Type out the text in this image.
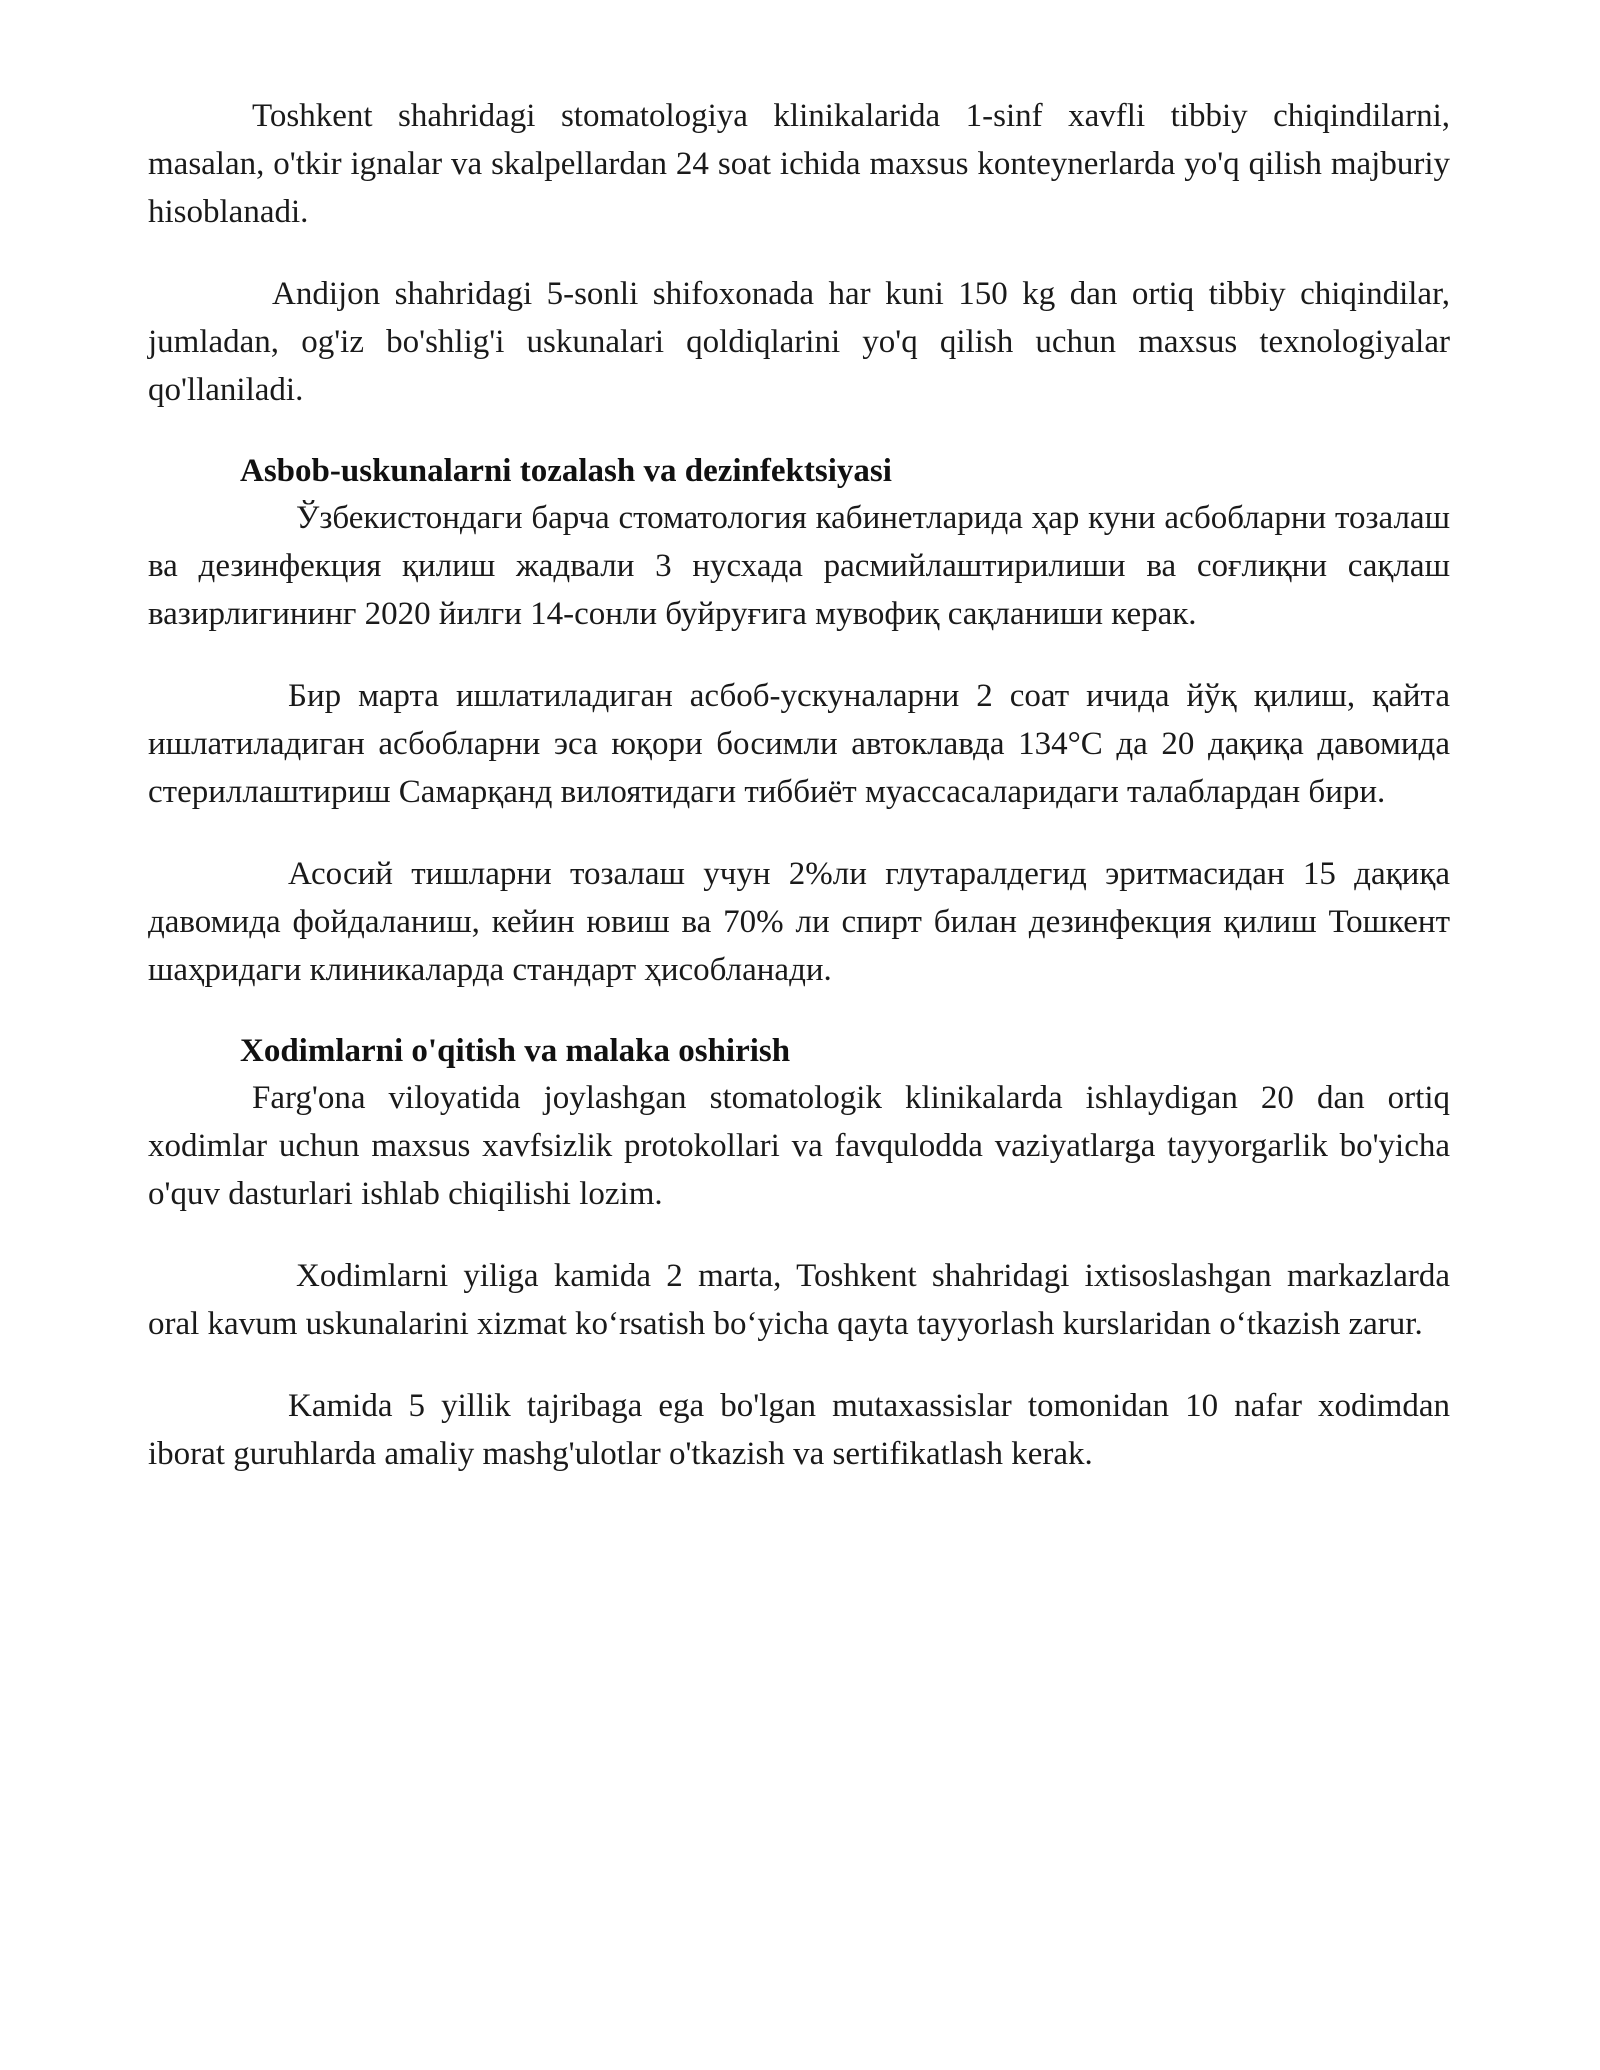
Toshkent shahridagi stomatologiya klinikalarida 1-sinf xavfli tibbiy chiqindilarni, masalan, o'tkir ignalar va skalpellardan 24 soat ichida maxsus konteynerlarda yo'q qilish majburiy hisoblanadi.

Andijon shahridagi 5-sonli shifoxonada har kuni 150 kg dan ortiq tibbiy chiqindilar, jumladan, og'iz bo'shlig'i uskunalari qoldiqlarini yo'q qilish uchun maxsus texnologiyalar qo'llaniladi.

Asbob-uskunalarni tozalash va dezinfektsiyasi

Ўзбекистондаги барча стоматология кабинетларида ҳар куни асбобларни тозалаш ва дезинфекция қилиш жадвали 3 нусхада расмийлаштирилиши ва соғлиқни сақлаш вазирлигининг 2020 йилги 14-сонли буйруғига мувофиқ сақланиши керак.

Бир марта ишлатиладиган асбоб-ускуналарни 2 соат ичида йўқ қилиш, қайта ишлатиладиган асбобларни эса юқори босимли автоклавда 134°С да 20 дақиқа давомида стериллаштириш Самарқанд вилоятидаги тиббиёт муассасаларидаги талаблардан бири.

Асосий тишларни тозалаш учун 2%ли глутаралдегид эритмасидан 15 дақиқа давомида фойдаланиш, кейин ювиш ва 70% ли спирт билан дезинфекция қилиш Тошкент шаҳридаги клиникаларда стандарт ҳисобланади.

Xodimlarni o'qitish va malaka oshirish

Farg'ona viloyatida joylashgan stomatologik klinikalarda ishlaydigan 20 dan ortiq xodimlar uchun maxsus xavfsizlik protokollari va favqulodda vaziyatlarga tayyorgarlik bo'yicha o'quv dasturlari ishlab chiqilishi lozim.

Xodimlarni yiliga kamida 2 marta, Toshkent shahridagi ixtisoslashgan markazlarda oral kavum uskunalarini xizmat koʻrsatish boʻyicha qayta tayyorlash kurslaridan oʻtkazish zarur.

Kamida 5 yillik tajribaga ega bo'lgan mutaxassislar tomonidan 10 nafar xodimdan iborat guruhlarda amaliy mashg'ulotlar o'tkazish va sertifikatlash kerak.
